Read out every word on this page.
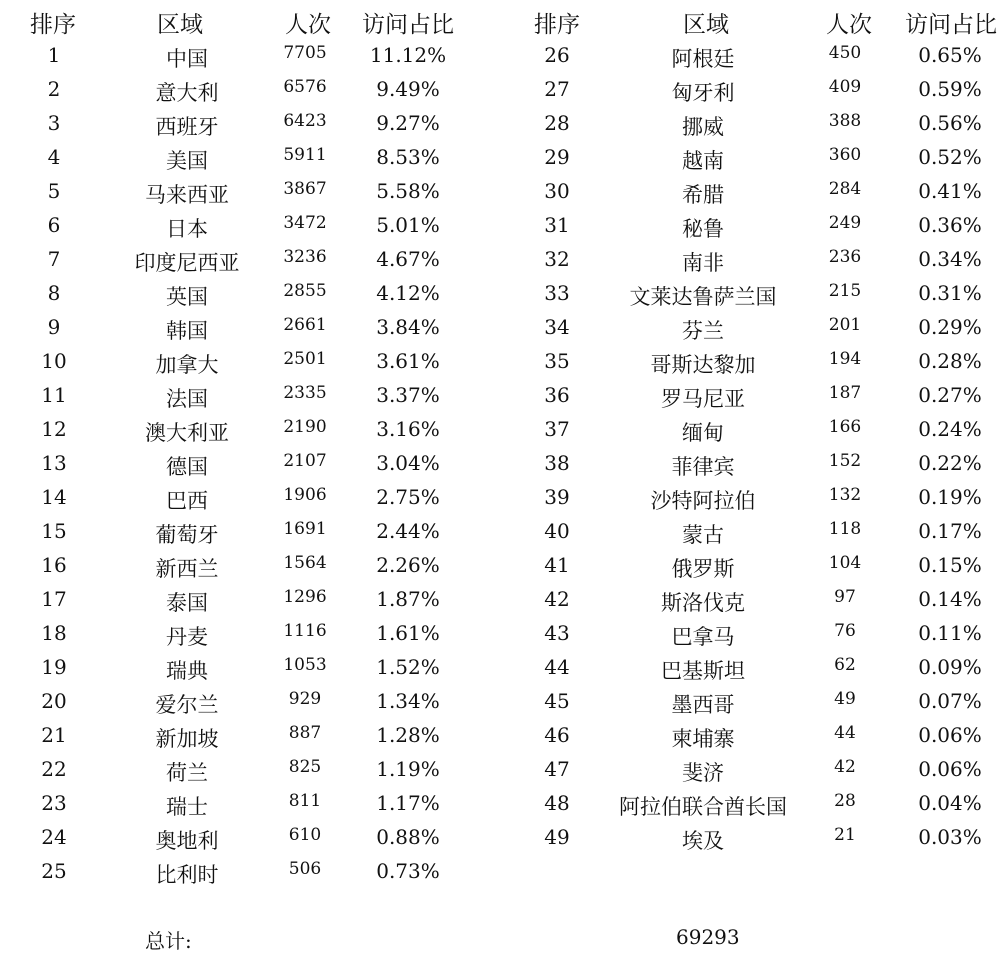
排序	区域	人次 访问占比	排序	区域	人次 访问占比
1	中国	7705 11.12%
2	意大利	6576 9.49%
3	西班牙	6423 9.27%
4	美国	5911 8.53%
5	马来西亚	3867 5.58%
6	日本	3472 5.01%
7	印度尼西亚	3236 4.67%
8	英国	2855 4.12%
9	韩国	2661 3.84%
10	加拿大	2501 3.61%
11	法国	2335 3.37%
12	澳大利亚	2190 3.16%
13	德国	2107 3.04%
14	巴西	1906 2.75%
15	葡萄牙	1691 2.44%
16	新西兰	1564 2.26%
17	泰国	1296 1.87%
18	丹麦	1116 1.61%
19	瑞典	1053 1.52%
20	爱尔兰	929	1.34%
21	新加坡	887	1.28%
22	荷兰	825	1.19%
23	瑞士	811	1.17%
24	奥地利	610	0.88%
25	比利时	506	0.73%
26	阿根廷	450	0.65%
27	匈牙利	409	0.59%
28	挪威	388	0.56%
29	越南	360	0.52%
30	希腊	284	0.41%
31	秘鲁	249	0.36%
32	南非	236	0.34%
33	文莱达鲁萨兰国	215	0.31%
34	芬兰	201	0.29%
35	哥斯达黎加	194	0.28%
36	罗马尼亚	187	0.27%
37	缅甸	166	0.24%
38	菲律宾	152	0.22%
39	沙特阿拉伯	132	0.19%
40	蒙古	118	0.17%
41	俄罗斯	104	0.15%
42	斯洛伐克	97	0.14%
43	巴拿马	76	0.11%
44	巴基斯坦	62	0.09%
45	墨西哥	49	0.07%
46	柬埔寨	44	0.06%
47	斐济	42	0.06%
48 阿拉伯联合酋长国	28	0.04%
49	埃及	21	0.03%
总计:	69293
